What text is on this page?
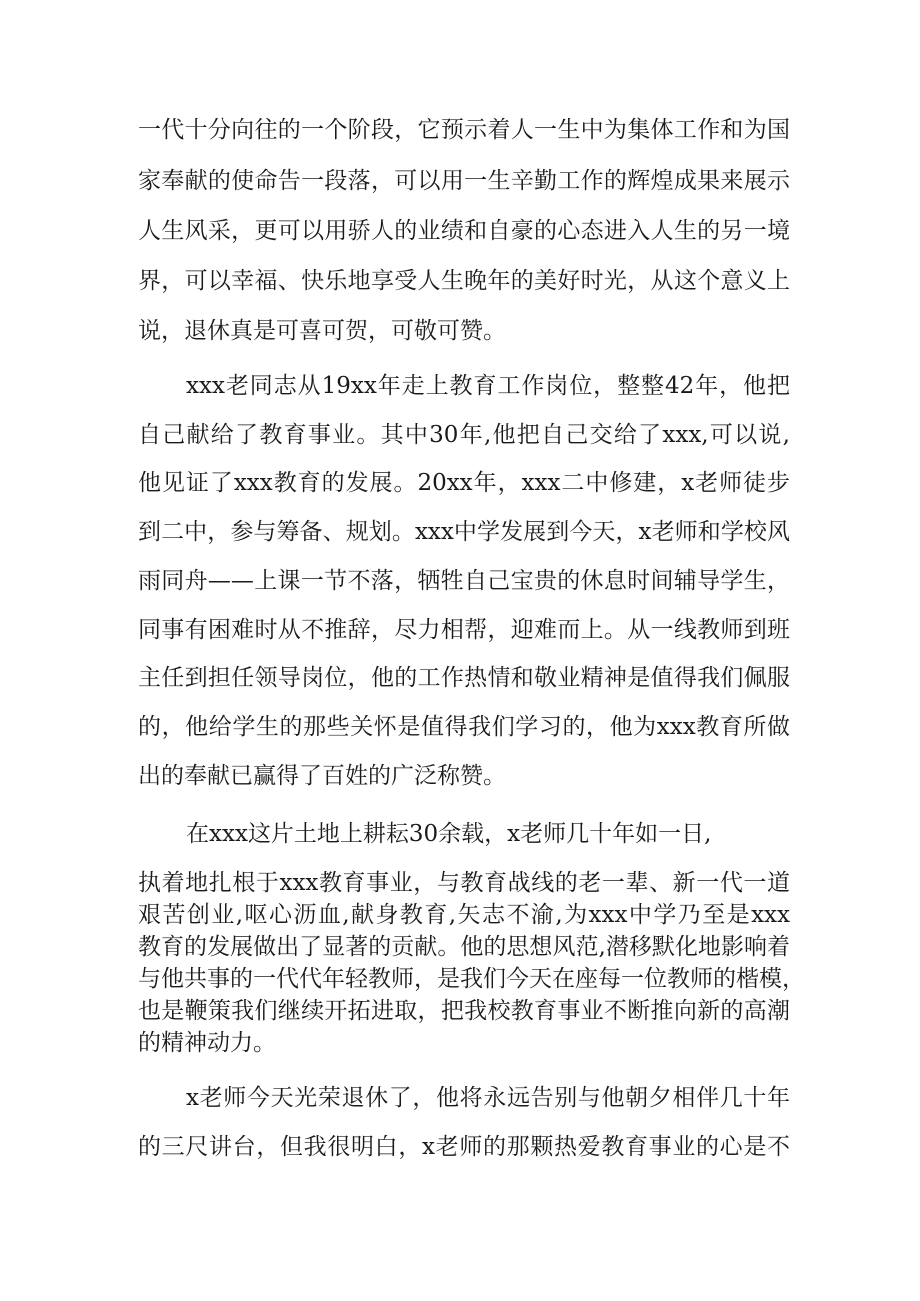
一代十分向往的一个阶段，它预示着人一生中为集体工作和为国
家奉献的使命告一段落，可以用一生辛勤工作的辉煌成果来展示
人生风采，更可以用骄人的业绩和自豪的心态进入人生的另一境
界，可以幸福、快乐地享受人生晚年的美好时光，从这个意义上
说，退休真是可喜可贺，可敬可赞。
xxx老同志从19xx年走上教育工作岗位，整整42年，他把
自己献给了教育事业。其中30年,他把自己交给了xxx,可以说,
他见证了xxx教育的发展。20xx年，xxx二中修建，x老师徒步
到二中，参与筹备、规划。xxx中学发展到今天，x老师和学校风
雨同舟——上课一节不落，牺牲自己宝贵的休息时间辅导学生，
同事有困难时从不推辞，尽力相帮，迎难而上。从一线教师到班
主任到担任领导岗位，他的工作热情和敬业精神是值得我们佩服
的，他给学生的那些关怀是值得我们学习的，他为xxx教育所做
出的奉献已赢得了百姓的广泛称赞。
在xxx这片土地上耕耘30余载，x老师几十年如一日,
执着地扎根于xxx教育事业，与教育战线的老一辈、新一代一道
艰苦创业,呕心沥血,献身教育,矢志不渝,为xxx中学乃至是xxx
教育的发展做出了显著的贡献。他的思想风范,潜移默化地影响着
与他共事的一代代年轻教师，是我们今天在座每一位教师的楷模，
也是鞭策我们继续开拓进取，把我校教育事业不断推向新的高潮
的精神动力。
x老师今天光荣退休了，他将永远告别与他朝夕相伴几十年
的三尺讲台，但我很明白，x老师的那颗热爱教育事业的心是不
